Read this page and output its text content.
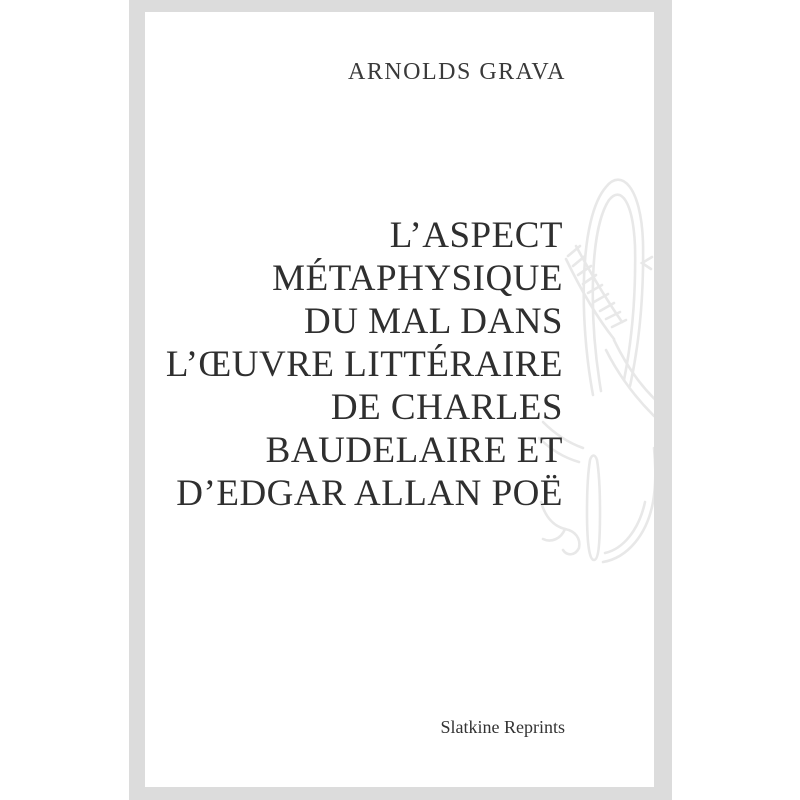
ARNOLDS GRAVA
L’ASPECT
MÉTAPHYSIQUE
DU MAL DANS
L’ŒUVRE LITTÉRAIRE
DE CHARLES
BAUDELAIRE ET
D’EDGAR ALLAN POË
Slatkine Reprints
